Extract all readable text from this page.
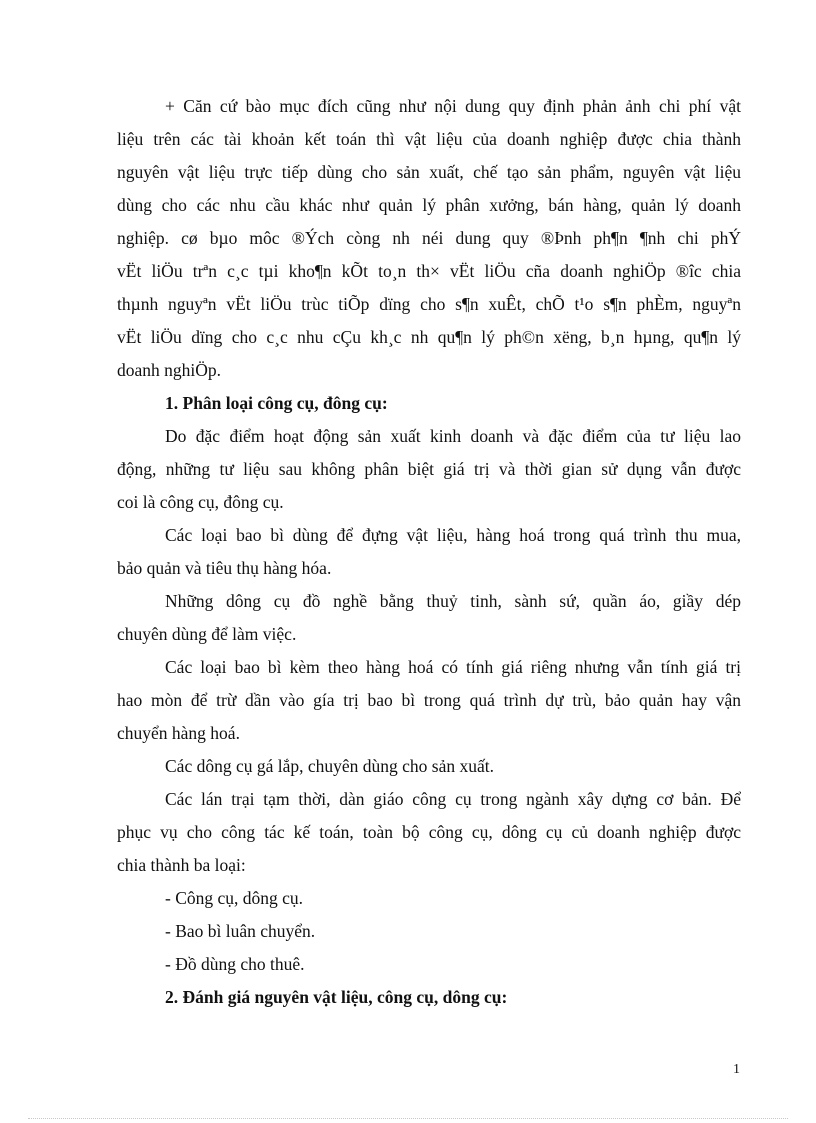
+ Căn cứ bào mục đích cũng như nội dung quy định phản ảnh chi phí vật
liệu trên các tài khoản kết toán thì vật liệu của doanh nghiệp được chia thành
nguyên vật liệu trực tiếp dùng cho sản xuất, chế tạo sản phẩm, nguyên vật liệu
dùng cho các nhu cầu khác như quản lý phân xưởng, bán hàng, quản lý doanh
nghiệp. cø bµo môc ®Ých còng nh néi dung quy ®Þnh ph¶n ¶nh chi phÝ
vËt liÖu trªn c¸c tµi kho¶n kÕt to¸n th× vËt liÖu cña doanh nghiÖp ®îc chia
thµnh nguyªn vËt liÖu trùc tiÕp dïng cho s¶n xuÊt, chÕ t¹o s¶n phÈm, nguyªn
vËt liÖu dïng cho c¸c nhu cÇu kh¸c nh qu¶n lý ph©n xëng, b¸n hµng, qu¶n lý
doanh nghiÖp.
1. Phân loại công cụ, đông cụ:
Do đặc điểm hoạt động sản xuất kinh doanh và đặc điểm của tư liệu lao
động, những tư liệu sau không phân biệt giá trị và thời gian sử dụng vẫn được
coi là công cụ, đông cụ.
Các loại bao bì dùng để đựng vật liệu, hàng hoá trong quá trình thu mua,
bảo quản và tiêu thụ hàng hóa.
Những dông cụ đồ nghề bằng thuỷ tinh, sành sứ, quần áo, giầy dép
chuyên dùng để làm việc.
Các loại bao bì kèm theo hàng hoá có tính giá riêng nhưng vẫn tính giá trị
hao mòn để trừ dần vào gía trị bao bì trong quá trình dự trù, bảo quản hay vận
chuyển hàng hoá.
Các dông cụ gá lắp, chuyên dùng cho sản xuất.
Các lán trại tạm thời, dàn giáo công cụ trong ngành xây dựng cơ bản. Để
phục vụ cho công tác kế toán, toàn bộ công cụ, dông cụ củ doanh nghiệp được
chia thành ba loại:
- Công cụ, dông cụ.
- Bao bì luân chuyển.
- Đồ dùng cho thuê.
2. Đánh giá nguyên vật liệu, công cụ, dông cụ:
1
